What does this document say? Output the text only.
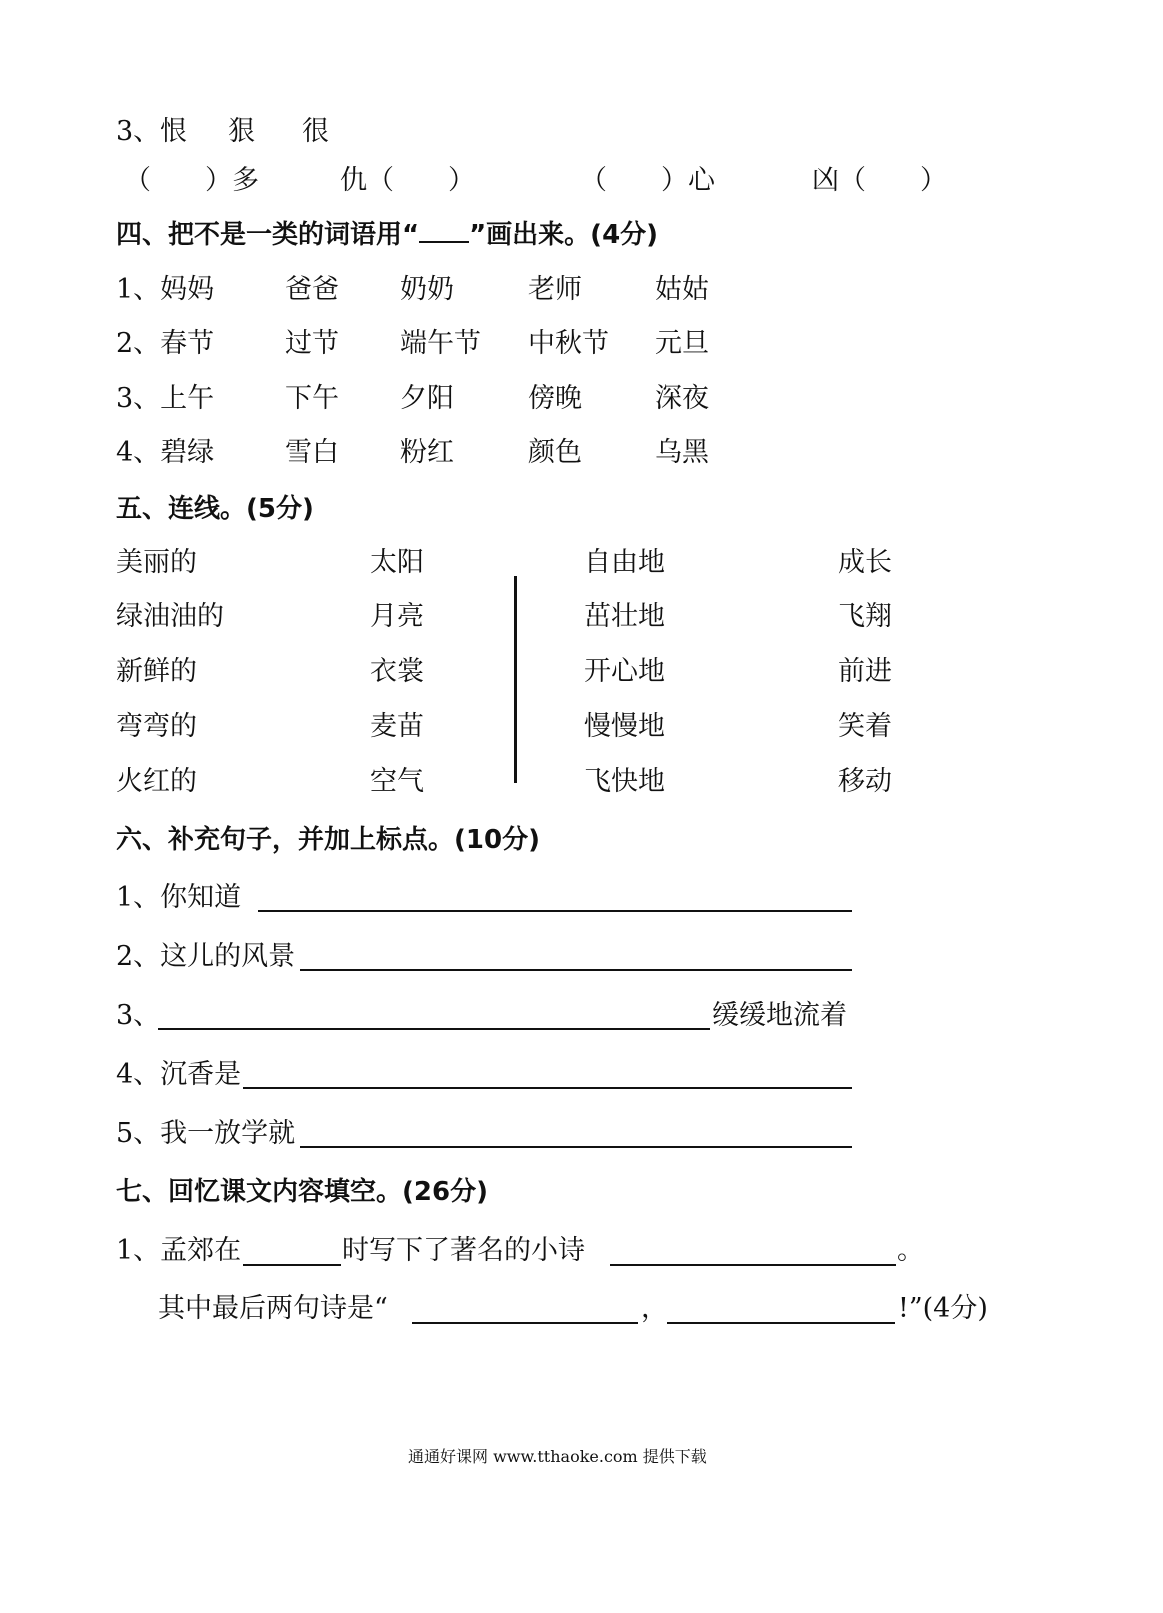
3、 恨 狠 很
（　　）多	仇（　　）	（　　）心	凶（　　）
四、把不是一类的词语用“ ”画出来。(4分)
1、妈妈	爸爸 奶奶	老师	姑姑
2、春节	过节 端午节 中秋节 元旦
3、上午	下午 夕阳	傍晚	深夜
4、碧绿	雪白 粉红	颜色	乌黑
五、连线。(5分)
美丽的	太阳	自由地	成长
绿油油的	月亮	茁壮地	飞翔
新鲜的	衣裳	开心地	前进
弯弯的	麦苗	慢慢地	笑着
火红的	空气	飞快地	移动
六、补充句子，并加上标点。(10分)
1、你知道
2、这儿的风景
3、	缓缓地流着
4、沉香是
5、我一放学就
七、回忆课文内容填空。(26分)
1、孟郊在	时写下了著名的小诗	。
其中最后两句诗是“	，	!”(4分)
通通好课网 www.tthaoke.com 提供下载
